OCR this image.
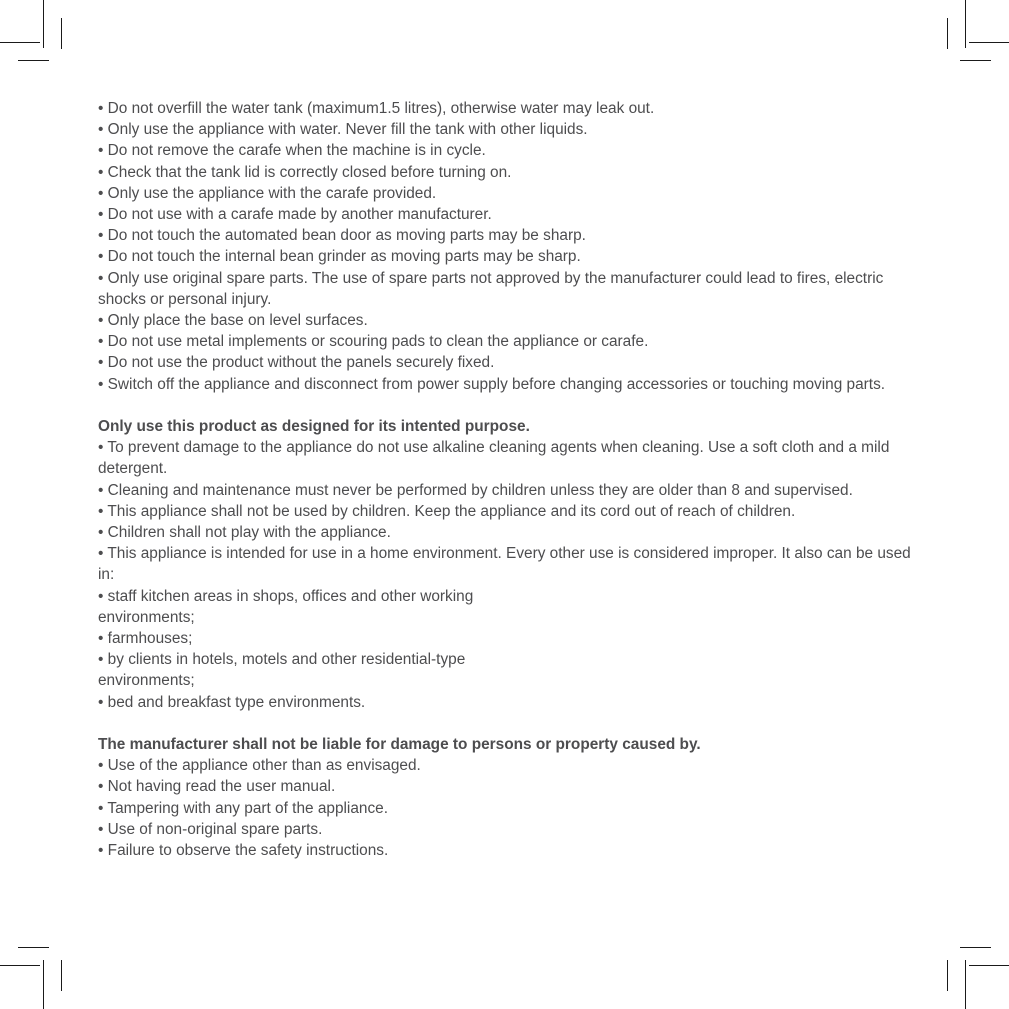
• Do not overfill the water tank (maximum1.5 litres), otherwise water may leak out.
• Only use the appliance with water. Never fill the tank with other liquids.
• Do not remove the carafe when the machine is in cycle.
• Check that the tank lid is correctly closed before turning on.
• Only use the appliance with the carafe provided.
• Do not use with a carafe made by another manufacturer.
• Do not touch the automated bean door as moving parts may be sharp.
• Do not touch the internal bean grinder as moving parts may be sharp.
• Only use original spare parts. The use of spare parts not approved by the manufacturer could lead to fires, electric shocks or personal injury.
• Only place the base on level surfaces.
• Do not use metal implements or scouring pads to clean the appliance or carafe.
• Do not use the product without the panels securely fixed.
• Switch off the appliance and disconnect from power supply before changing accessories or touching moving parts.
Only use this product as designed for its intented purpose.
• To prevent damage to the appliance do not use alkaline cleaning agents when cleaning. Use a soft cloth and a mild detergent.
• Cleaning and maintenance must never be performed by children unless they are older than 8 and supervised.
• This appliance shall not be used by children. Keep the appliance and its cord out of reach of children.
• Children shall not play with the appliance.
• This appliance is intended for use in a home environment. Every other use is considered improper. It also can be used in:
• staff kitchen areas in shops, offices and other working
environments;
• farmhouses;
• by clients in hotels, motels and other residential-type
environments;
• bed and breakfast type environments.
The manufacturer shall not be liable for damage to persons or property caused by.
• Use of the appliance other than as envisaged.
• Not having read the user manual.
• Tampering with any part of the appliance.
• Use of non-original spare parts.
• Failure to observe the safety instructions.
